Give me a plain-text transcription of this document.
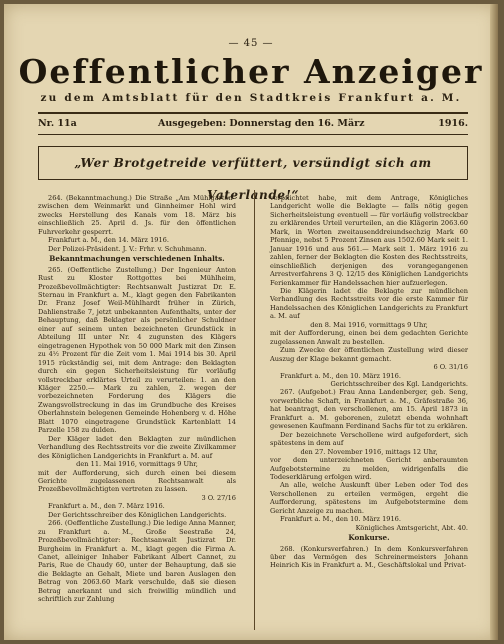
— 45 —
Oeffentlicher Anzeiger
zu dem Amtsblatt für den Stadtkreis Frankfurt a. M.
Nr. 11a	Ausgegeben: Donnerstag den 16. März	1916.
„Wer Brotgetreide verfüttert, versündigt sich am Vaterlande!“

264. (Bekanntmachung.) Die Straße „Am Mühlgarten“ zwischen dem Weinmarkt und Ginnheimer Hohl wird zwecks Herstellung des Kanals vom 18. März bis einschließlich 25. April d. Js. für den öffentlichen Fuhrverkehr gesperrt.

Frankfurt a. M., den 14. März 1916.

Der Polizei-Präsident. J. V.: Frhr. v. Schuhmann.

Bekanntmachungen verschiedenen Inhalts.

265. (Oeffentliche Zustellung.) Der Ingenieur Anton Rust zu Kloster Rottgottes bei Mühlheim, Prozeßbevollmächtigter: Rechtsanwalt Justizrat Dr. E. Sternau in Frankfurt a. M., klagt gegen den Fabrikanten Dr. Franz Josef Weil-Mühlhardt früher in Zürich, Dahlienstraße 7, jetzt unbekannten Aufenthalts, unter der Behauptung, daß Beklagter als persönlicher Schuldner einer auf seinem unten bezeichneten Grundstück in Abteilung III unter Nr. 4 zugunsten des Klägers eingetragenen Hypothek von 50 000 Mark mit den Zinsen zu 4½ Prozent für die Zeit vom 1. Mai 1914 bis 30. April 1915 rückständig sei, mit dem Antrage: den Beklagten durch ein gegen Sicherheitsleistung für vorläufig vollstreckbar erklärtes Urteil zu verurteilen: 1. an den Kläger 2250.— Mark zu zahlen, 2. wegen der vorbezeichneten Forderung des Klägers die Zwangsvollstreckung in das im Grundbuche des Kreises Oberlahnstein belegenen Gemeinde Hohenberg v. d. Höhe Blatt 1070 eingetragene Grundstück Kartenblatt 14 Parzelle 158 zu dulden.

Der Kläger ladet den Beklagten zur mündlichen Verhandlung des Rechtsstreits vor die zweite Zivilkammer des Königlichen Landgerichts in Frankfurt a. M. auf

den 11. Mai 1916, vormittags 9 Uhr,

mit der Aufforderung, sich durch einen bei diesem Gerichte zugelassenen Rechtsanwalt als Prozeßbevollmächtigten vertreten zu lassen.

3 O. 27/16

Frankfurt a. M., den 7. März 1916.

Der Gerichtsschreiber des Königlichen Landgerichts.

266. (Oeffentliche Zustellung.) Die ledige Anna Manner, zu Frankfurt a. M., Große Seestraße 24, Prozeßbevollmächtigter: Rechtsanwalt Justizrat Dr. Burgheim in Frankfurt a. M., klagt gegen die Firma A. Canet, alleiniger Inhaber Fabrikant Albert Cannet, zu Paris, Rue de Chaudy 60, unter der Behauptung, daß sie die Beklagte an Gehalt, Miete und baren Auslagen den Betrag von 2063.60 Mark verschulde, daß sie diesen Betrag anerkannt und sich freiwillig mündlich und schriftlich zur Zahlung

verpflichtet habe, mit dem Antrage, Königliches Landgericht wolle die Beklagte ― falls nötig gegen Sicherheitsleistung eventuell ― für vorläufig vollstreckbar zu erklärendes Urteil verurteilen, an die Klägerin 2063.60 Mark, in Worten zweitausenddreiundsechzig Mark 60 Pfennige, nebst 5 Prozent Zinsen aus 1502.60 Mark seit 1. Januar 1916 und aus 561.— Mark seit 1. März 1916 zu zahlen, ferner der Beklagten die Kosten des Rechtsstreits, einschließlich derjenigen des vorangegangenen Arrestverfahrens 3 Q. 12/15 des Königlichen Landgerichts Ferienkammer für Handelssachen hier aufzuerlegen.

Die Klägerin ladet die Beklagte zur mündlichen Verhandlung des Rechtsstreits vor die erste Kammer für Handelssachen des Königlichen Landgerichts zu Frankfurt a. M. auf

den 8. Mai 1916, vormittags 9 Uhr,

mit der Aufforderung, einen bei dem gedachten Gerichte zugelassenen Anwalt zu bestellen.

Zum Zwecke der öffentlichen Zustellung wird dieser Auszug der Klage bekannt gemacht.

6 O. 31/16

Frankfurt a. M., den 10. März 1916.

Gerichtsschreiber des Kgl. Landgerichts.

267. (Aufgebot.) Frau Anna Landenberger, geb. Seng, vorwerbliche Schaft, in Frankfurt a. M., Gräfestraße 36, hat beantragt, den verschollenen, am 15. April 1873 in Frankfurt a. M. geborenen, zuletzt ebenda wohnhaft gewesenen Kaufmann Ferdinand Sachs für tot zu erklären.

Der bezeichnete Verschollene wird aufgefordert, sich spätestens in dem auf

den 27. November 1916, mittags 12 Uhr,

vor dem unterzeichneten Gericht anberaumten Aufgebotstermine zu melden, widrigenfalls die Todeserklärung erfolgen wird.

An alle, welche Auskunft über Leben oder Tod des Verschollenen zu erteilen vermögen, ergeht die Aufforderung, spätestens im Aufgebotstermine dem Gericht Anzeige zu machen.

Frankfurt a. M., den 10. März 1916.

Königliches Amtsgericht, Abt. 40.

Konkurse.

268. (Konkursverfahren.) In dem Konkursverfahren über das Vermögen des Schreinermeisters Johann Heinrich Kis in Frankfurt a. M., Geschäftslokal und Privat-
